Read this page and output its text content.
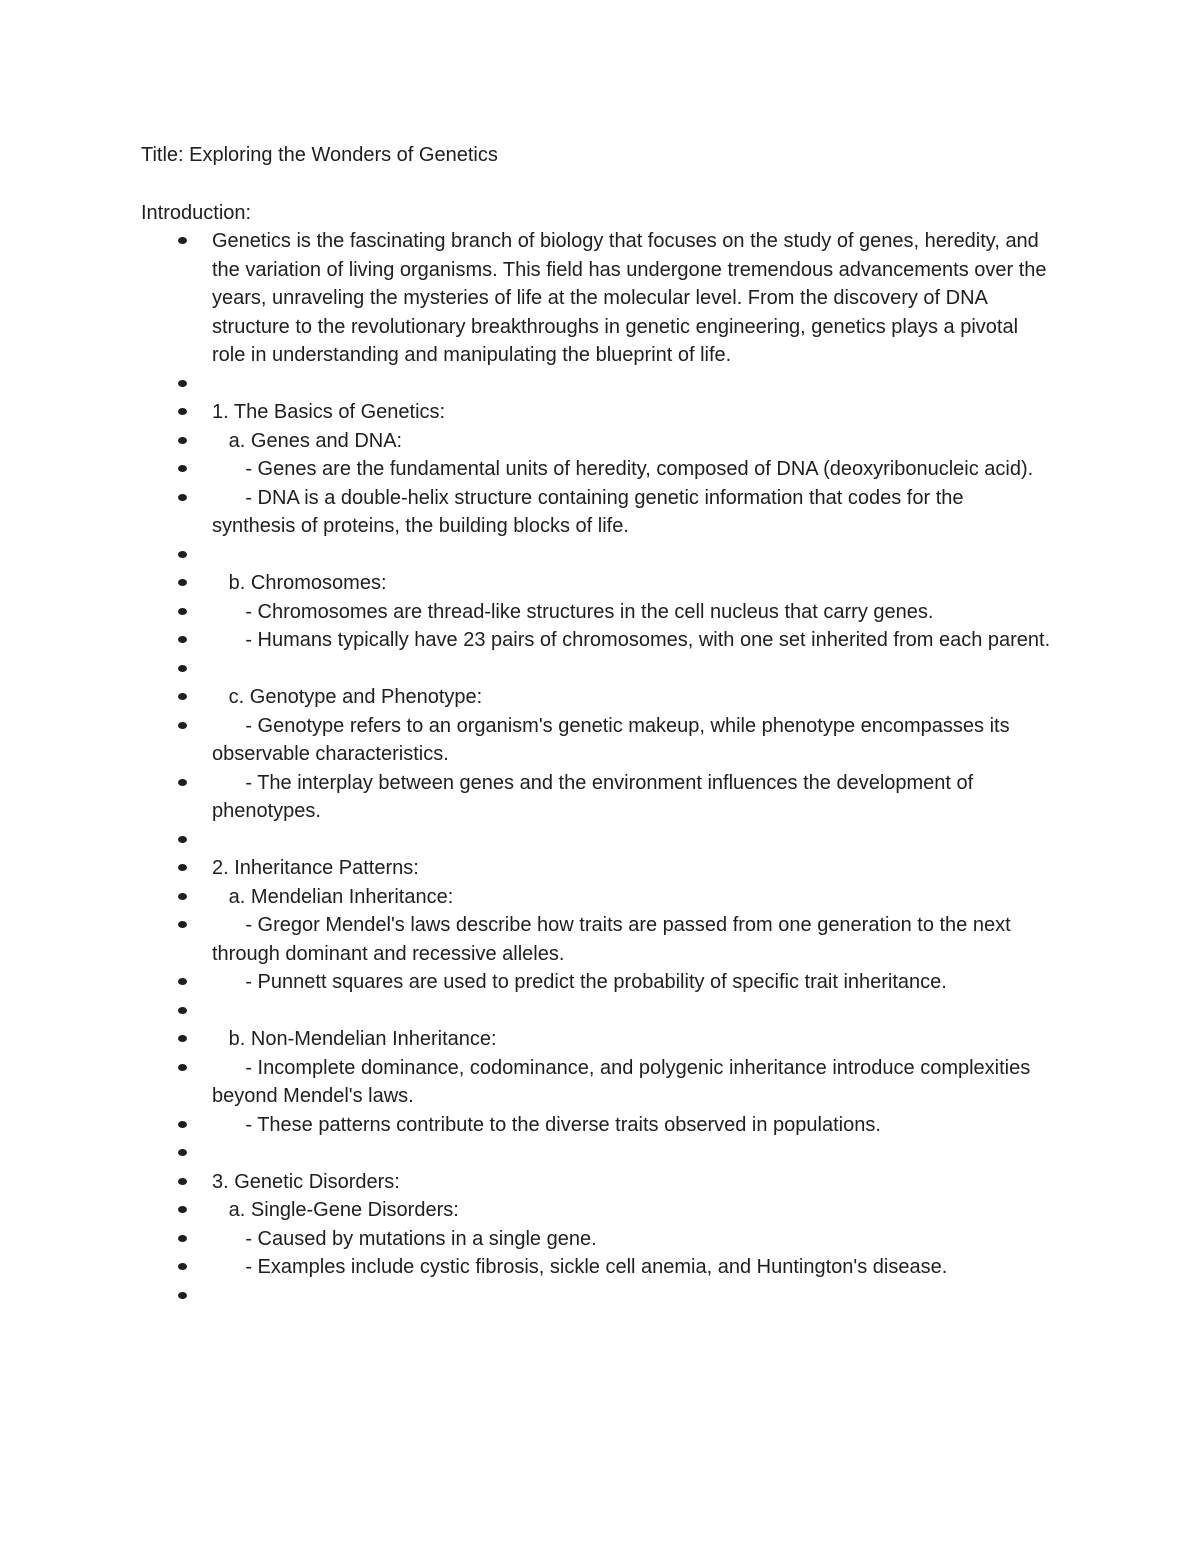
Title: Exploring the Wonders of Genetics
Introduction:
Genetics is the fascinating branch of biology that focuses on the study of genes, heredity, and the variation of living organisms. This field has undergone tremendous advancements over the years, unraveling the mysteries of life at the molecular level. From the discovery of DNA structure to the revolutionary breakthroughs in genetic engineering, genetics plays a pivotal role in understanding and manipulating the blueprint of life.
1. The Basics of Genetics:
a. Genes and DNA:
- Genes are the fundamental units of heredity, composed of DNA (deoxyribonucleic acid).
- DNA is a double-helix structure containing genetic information that codes for the synthesis of proteins, the building blocks of life.
b. Chromosomes:
- Chromosomes are thread-like structures in the cell nucleus that carry genes.
- Humans typically have 23 pairs of chromosomes, with one set inherited from each parent.
c. Genotype and Phenotype:
- Genotype refers to an organism's genetic makeup, while phenotype encompasses its observable characteristics.
- The interplay between genes and the environment influences the development of phenotypes.
2. Inheritance Patterns:
a. Mendelian Inheritance:
- Gregor Mendel's laws describe how traits are passed from one generation to the next through dominant and recessive alleles.
- Punnett squares are used to predict the probability of specific trait inheritance.
b. Non-Mendelian Inheritance:
- Incomplete dominance, codominance, and polygenic inheritance introduce complexities beyond Mendel's laws.
- These patterns contribute to the diverse traits observed in populations.
3. Genetic Disorders:
a. Single-Gene Disorders:
- Caused by mutations in a single gene.
- Examples include cystic fibrosis, sickle cell anemia, and Huntington's disease.
